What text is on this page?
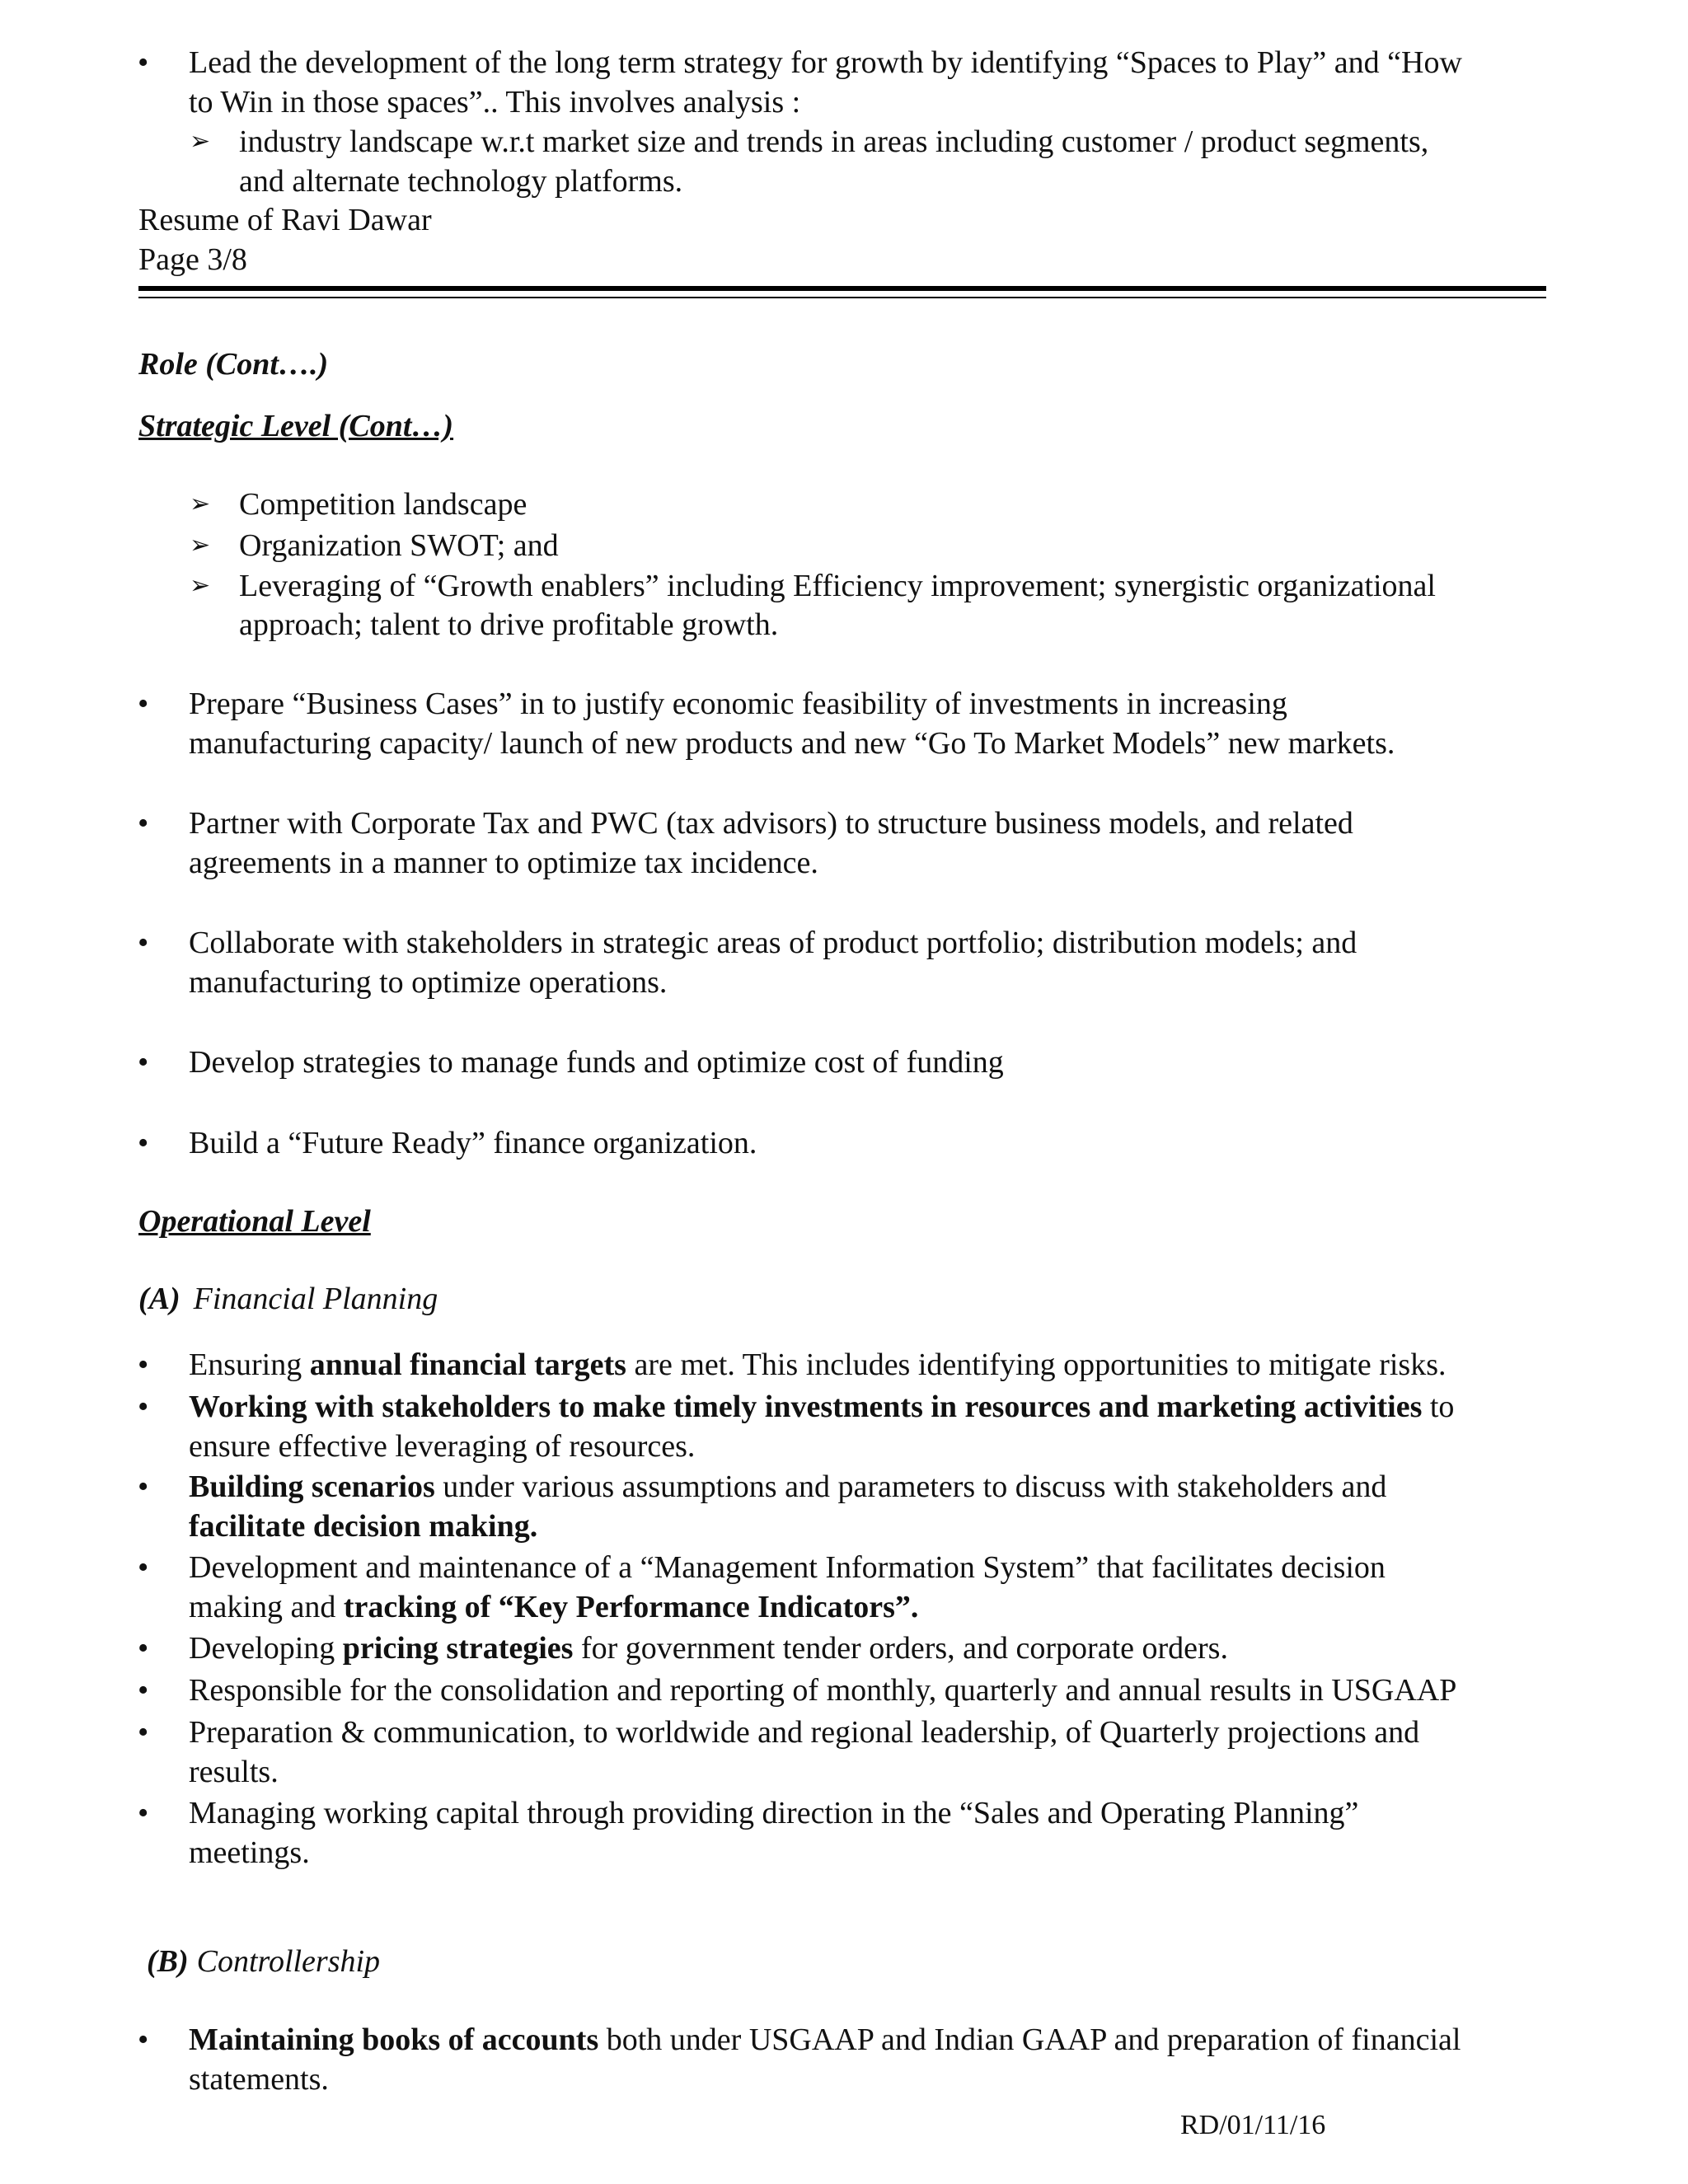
• Lead the development of the long term strategy for growth by identifying “Spaces to Play” and “How
to Win in those spaces”.. This involves analysis :
➢ industry landscape w.r.t market size and trends in areas including customer / product segments,
and alternate technology platforms.
Resume of Ravi Dawar
Page 3/8
Role (Cont….)
Strategic Level (Cont…)
➢ Competition landscape
➢ Organization SWOT; and
➢ Leveraging of “Growth enablers” including Efficiency improvement; synergistic organizational
approach; talent to drive profitable growth.
• Prepare “Business Cases” in to justify economic feasibility of investments in increasing
manufacturing capacity/ launch of new products and new “Go To Market Models” new markets.
• Partner with Corporate Tax and PWC (tax advisors) to structure business models, and related
agreements in a manner to optimize tax incidence.
• Collaborate with stakeholders in strategic areas of product portfolio; distribution models; and
manufacturing to optimize operations.
• Develop strategies to manage funds and optimize cost of funding
• Build a “Future Ready” finance organization.
Operational Level
(A) Financial Planning
• Ensuring annual financial targets are met. This includes identifying opportunities to mitigate risks.
• Working with stakeholders to make timely investments in resources and marketing activities to
ensure effective leveraging of resources.
• Building scenarios under various assumptions and parameters to discuss with stakeholders and
facilitate decision making.
• Development and maintenance of a “Management Information System” that facilitates decision
making and tracking of “Key Performance Indicators”.
• Developing pricing strategies for government tender orders, and corporate orders.
• Responsible for the consolidation and reporting of monthly, quarterly and annual results in USGAAP
• Preparation & communication, to worldwide and regional leadership, of Quarterly projections and
results.
• Managing working capital through providing direction in the “Sales and Operating Planning”
meetings.
(B) Controllership
• Maintaining books of accounts both under USGAAP and Indian GAAP and preparation of financial
statements.
RD/01/11/16
